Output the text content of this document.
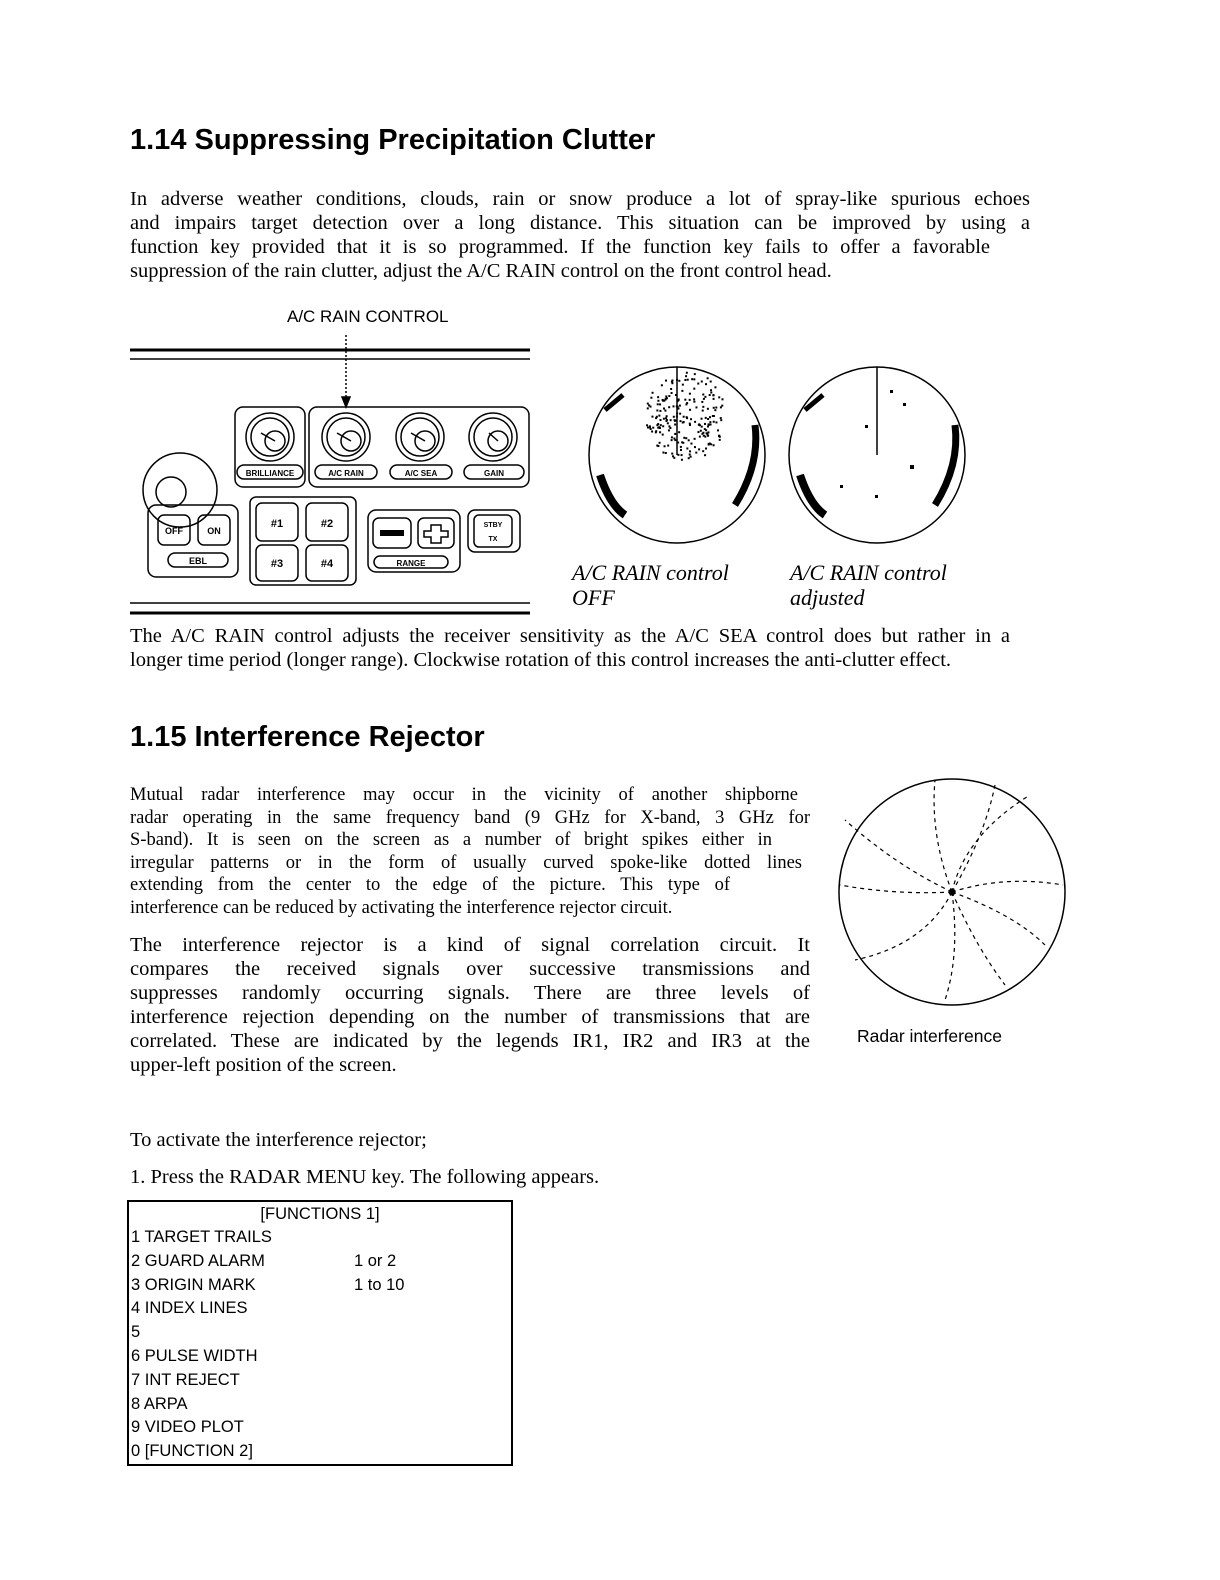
1.14 Suppressing Precipitation Clutter
In adverse weather conditions, clouds, rain or snow produce a lot of spray-like spurious echoes
and impairs target detection over a long distance. This situation can be improved by using a
function key provided that it is so programmed. If the function key fails to offer a favorable
suppression of the rain clutter, adjust the A/C RAIN control on the front control head.
A/C RAIN CONTROL
BRILLIANCE	A/C RAIN	A/C SEA	GAIN
OFF	ON
EBL
#1	#2
#3	#4	RANGE
STBY
TX
A/C RAIN control
OFF
A/C RAIN control
adjusted
The A/C RAIN control adjusts the receiver sensitivity as the A/C SEA control does but rather in a
longer time period (longer range). Clockwise rotation of this control increases the anti-clutter effect.
1.15 Interference Rejector
Mutual radar interference may occur in the vicinity of another shipborne
radar operating in the same frequency band (9 GHz for X-band, 3 GHz for
S-band). It is seen on the screen as a number of bright spikes either in
irregular patterns or in the form of usually curved spoke-like dotted lines
extending from the center to the edge of the picture. This type of
interference can be reduced by activating the interference rejector circuit.
The interference rejector is a kind of signal correlation circuit. It
compares the received signals over successive transmissions and
suppresses randomly occurring signals. There are three levels of
interference rejection depending on the number of transmissions that are
correlated. These are indicated by the legends IR1, IR2 and IR3 at the
upper-left position of the screen.
Radar interference
To activate the interference rejector;
1. Press the RADAR MENU key. The following appears.
[FUNCTIONS 1]
1 TARGET TRAILS
2 GUARD ALARM	1 or 2
3 ORIGIN MARK	1 to 10
4 INDEX LINES
5
6 PULSE WIDTH
7 INT REJECT
8 ARPA
9 VIDEO PLOT
0 [FUNCTION 2]
